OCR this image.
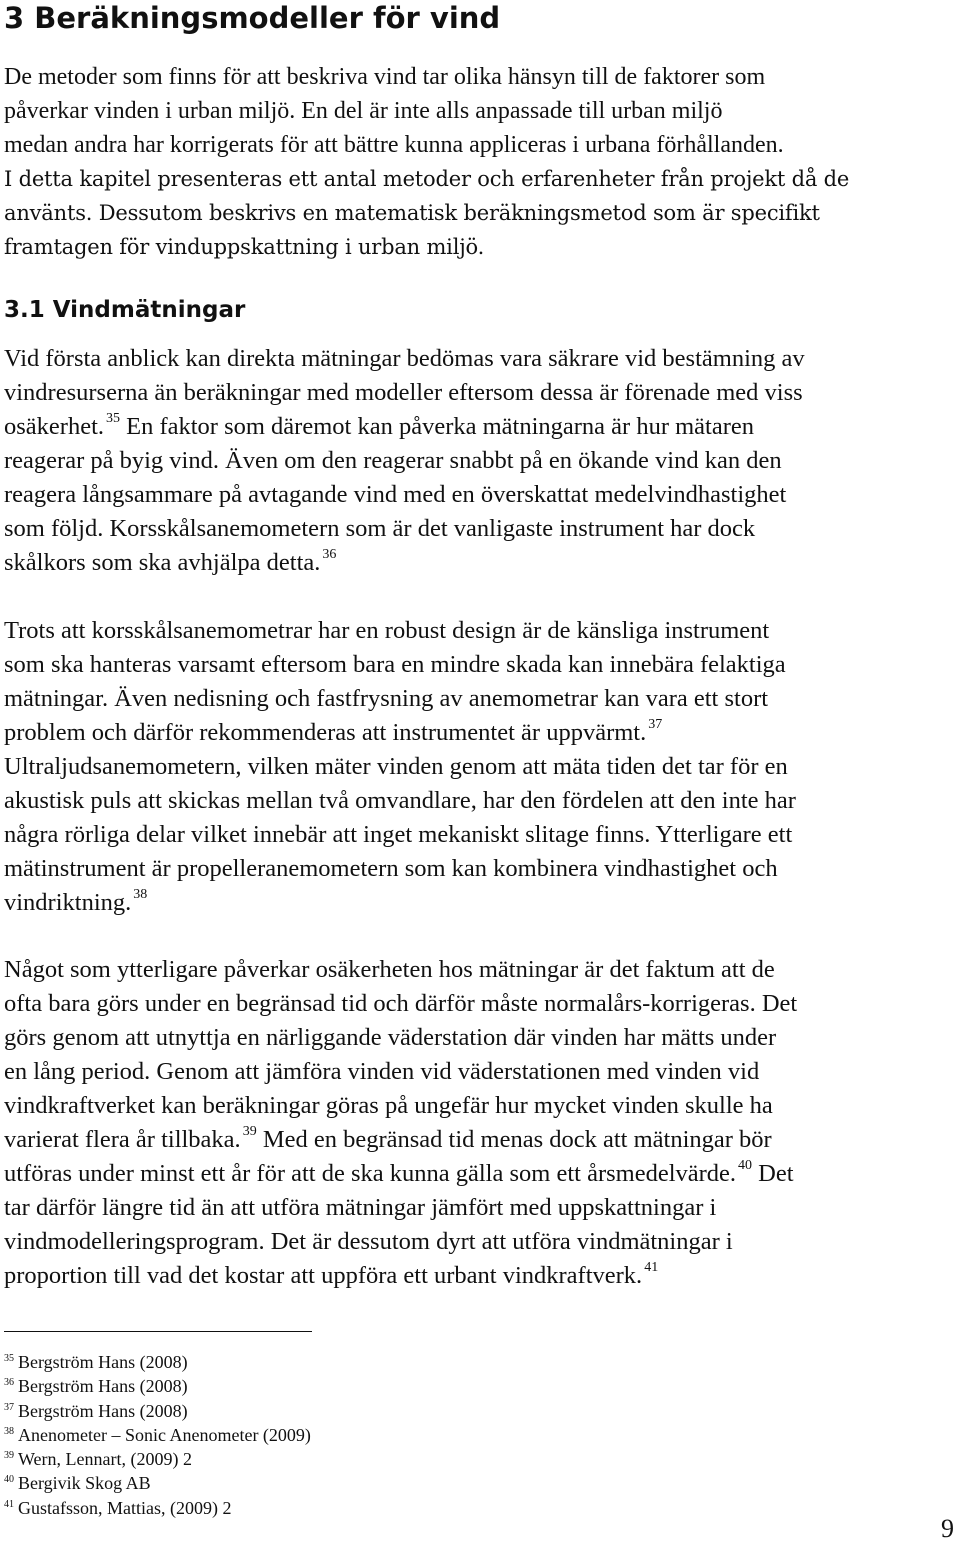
3 Beräkningsmodeller för vind
De metoder som finns för att beskriva vind tar olika hänsyn till de faktorer som
påverkar vinden i urban miljö. En del är inte alls anpassade till urban miljö
medan andra har korrigerats för att bättre kunna appliceras i urbana förhållanden.
I detta kapitel presenteras ett antal metoder och erfarenheter från projekt då de
använts. Dessutom beskrivs en matematisk beräkningsmetod som är specifikt
framtagen för vinduppskattning i urban miljö.
3.1 Vindmätningar
Vid första anblick kan direkta mätningar bedömas vara säkrare vid bestämning av
vindresurserna än beräkningar med modeller eftersom dessa är förenade med viss
osäkerhet. $^{35}$ En faktor som däremot kan påverka mätningarna är hur mätaren
reagerar på byig vind. Även om den reagerar snabbt på en ökande vind kan den
reagera långsammare på avtagande vind med en överskattat medelvindhastighet
som följd. Korsskålsanemometern som är det vanligaste instrument har dock
skålkors som ska avhjälpa detta. $^{36}$
Trots att korsskålsanemometrar har en robust design är de känsliga instrument
som ska hanteras varsamt eftersom bara en mindre skada kan innebära felaktiga
mätningar. Även nedisning och fastfrysning av anemometrar kan vara ett stort
problem och därför rekommenderas att instrumentet är uppvärmt. $^{37}$
Ultraljudsanemometern, vilken mäter vinden genom att mäta tiden det tar för en
akustisk puls att skickas mellan två omvandlare, har den fördelen att den inte har
några rörliga delar vilket innebär att inget mekaniskt slitage finns. Ytterligare ett
mätinstrument är propelleranemometern som kan kombinera vindhastighet och
vindriktning. $^{38}$
Något som ytterligare påverkar osäkerheten hos mätningar är det faktum att de
ofta bara görs under en begränsad tid och därför måste normalårs-korrigeras. Det
görs genom att utnyttja en närliggande väderstation där vinden har mätts under
en lång period. Genom att jämföra vinden vid väderstationen med vinden vid
vindkraftverket kan beräkningar göras på ungefär hur mycket vinden skulle ha
varierat flera år tillbaka. $^{39}$ Med en begränsad tid menas dock att mätningar bör
utföras under minst ett år för att de ska kunna gälla som ett årsmedelvärde. $^{40}$ Det
tar därför längre tid än att utföra mätningar jämfört med uppskattningar i
vindmodelleringsprogram. Det är dessutom dyrt att utföra vindmätningar i
proportion till vad det kostar att uppföra ett urbant vindkraftverk. $^{41}$
35 Bergström Hans (2008)
36 Bergström Hans (2008)
37 Bergström Hans (2008)
38 Anenometer – Sonic Anenometer (2009)
39 Wern, Lennart, (2009) 2
40 Bergivik Skog AB
41 Gustafsson, Mattias, (2009) 2
9
